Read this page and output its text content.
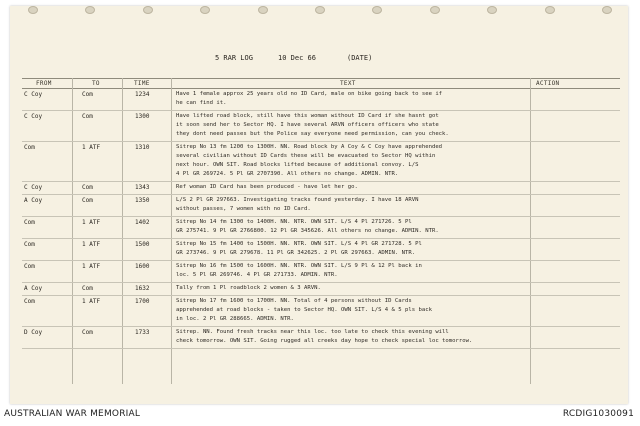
5 RAR LOG	10 Dec 66	(DATE)
FROM	TO	TIME	TEXT	ACTION
C Coy	Com	1234	Have 1 female approx 25 years old no ID Card, male on bike going back to see if
he can find it.
C Coy	Com	1300	Have lifted road block, still have this woman without ID Card if she hasnt got
it soon send her to Sector HQ. I have several ARVN officers officers who state
they dont need passes but the Police say everyone need permission, can you check.
Com	1 ATF	1310	Sitrep No 13 fm 1200 to 1300H. NN. Road block by A Coy & C Coy have apprehended
several civilian without ID Cards these will be evacuated to Sector HQ within
next hour. OWN SIT. Road blocks lifted because of additional convoy. L/S
4 Pl GR 269724. 5 Pl GR 2707390. All others no change. ADMIN. NTR.
C Coy	Com	1343	Ref woman ID Card has been produced - have let her go.
A Coy	Com	1350	L/S 2 Pl GR 297663. Investigating tracks found yesterday. I have 18 ARVN
without passes, 7 women with no ID Card.
Com	1 ATF	1402	Sitrep No 14 fm 1300 to 1400H. NN. NTR. OWN SIT. L/S 4 Pl 271726. 5 Pl
GR 275741. 9 Pl GR 2766800. 12 Pl GR 345626. All others no change. ADMIN. NTR.
Com	1 ATF	1500	Sitrep No 15 fm 1400 to 1500H. NN. NTR. OWN SIT. L/S 4 Pl GR 271728. 5 Pl
GR 273746. 9 Pl GR 279678. 11 Pl GR 342625. 2 Pl GR 297663. ADMIN. NTR.
Com	1 ATF	1600	Sitrep No 16 fm 1500 to 1600H. NN. NTR. OWN SIT. L/S 9 Pl & 12 Pl back in
loc. 5 Pl GR 269746. 4 Pl GR 271733. ADMIN. NTR.
A Coy	Com	1632	Tally from 1 Pl roadblock 2 women & 3 ARVN.
Com	1 ATF	1700	Sitrep No 17 fm 1600 to 1700H. NN. Total of 4 persons without ID Cards
apprehended at road blocks - taken to Sector HQ. OWN SIT. L/S 4 & 5 pls back
in loc. 2 Pl GR 288665. ADMIN. NTR.
D Coy	Com	1733	Sitrep. NN. Found fresh tracks near this loc. too late to check this evening will
check tomorrow. OWN SIT. Going rugged all creeks day hope to check special loc tomorrow.
AUSTRALIAN WAR MEMORIAL	RCDIG1030091
